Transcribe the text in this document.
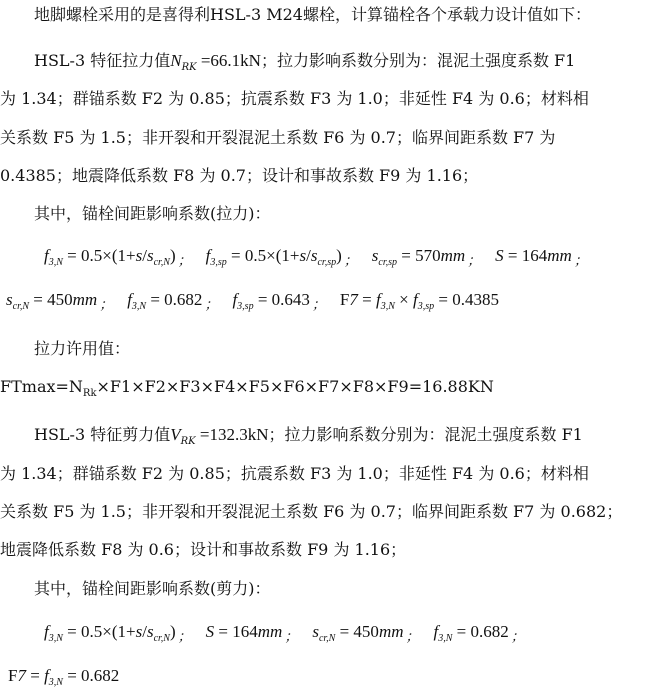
地脚螺栓采用的是喜得利HSL-3 M24螺栓，计算锚栓各个承载力设计值如下：
HSL-3 特征拉力值$N_{RK} =66.1kN$；拉力影响系数分别为：混泥土强度系数 F1
为 1.34；群锚系数 F2 为 0.85；抗震系数 F3 为 1.0；非延性 F4 为 0.6；材料相
关系数 F5 为 1.5；非开裂和开裂混泥土系数 F6 为 0.7；临界间距系数 F7 为
0.4385；地震降低系数 F8 为 0.7；设计和事故系数 F9 为 1.16；
其中，锚栓间距影响系数(拉力)：
$f_{3,N} = 0.5\times(1+s/s_{cr,N})$ ； $f_{3,sp} = 0.5\times(1+s/s_{cr,sp})$ ； $s_{cr,sp} = 570mm$ ； S = 164mm ；
$s_{cr,N} = 450mm$ ； $f_{3,N} = 0.682$ ； $f_{3,sp} = 0.643$ ； $F7 = f_{3,N} \times f_{3,sp} = 0.4385$
拉力许用值：
$FTmax=N_{Rk}\times F1\times F2\times F3\times F4\times F5\times F6\times F7\times F8\times F9=16.88KN$
HSL-3 特征剪力值$V_{RK} =132.3kN$；拉力影响系数分别为：混泥土强度系数 F1
为 1.34；群锚系数 F2 为 0.85；抗震系数 F3 为 1.0；非延性 F4 为 0.6；材料相
关系数 F5 为 1.5；非开裂和开裂混泥土系数 F6 为 0.7；临界间距系数 F7 为 0.682；
地震降低系数 F8 为 0.6；设计和事故系数 F9 为 1.16；
其中，锚栓间距影响系数(剪力)：
$f_{3,N} = 0.5\times(1+s/s_{cr,N})$ ； S = 164mm ； $s_{cr,N} = 450mm$ ； $f_{3,N} = 0.682$ ；
$F7 = f_{3,N} = 0.682$
